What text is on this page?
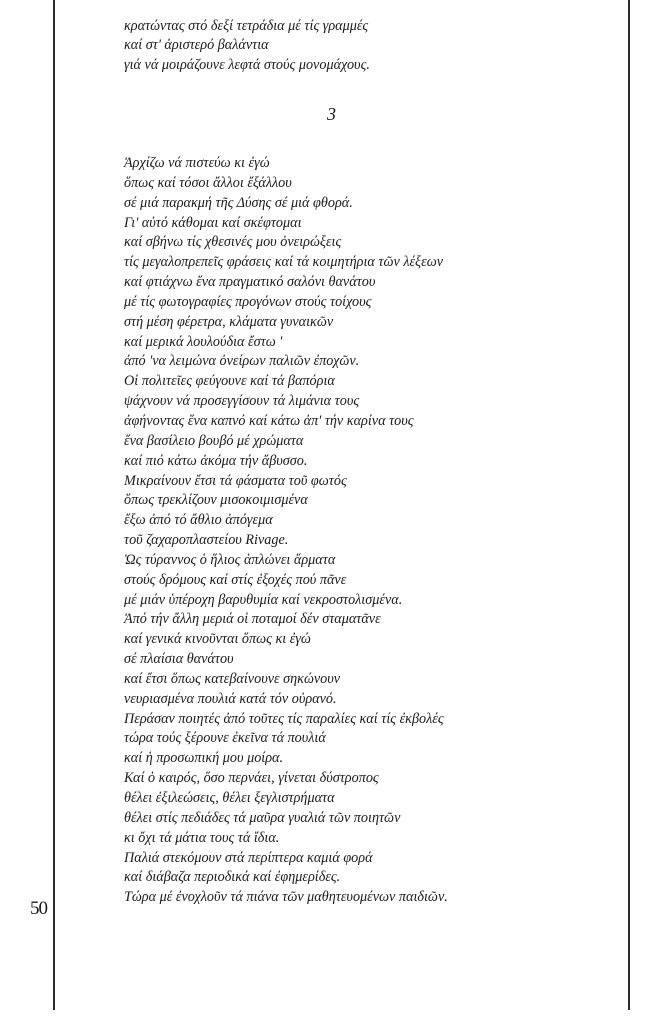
κρατώντας στό δεξί τετράδια μέ τίς γραμμές
καί στ' ἀριστερό βαλάντια
γιά νά μοιράζουνε λεφτά στούς μονομάχους.
3
Ἀρχίζω νά πιστεύω κι ἐγώ
ὅπως καί τόσοι ἄλλοι ἔξάλλου
σέ μιά παρακμή τῆς Δύσης σέ μιά φθορά.
Γι' αὐτό κάθομαι καί σκέφτομαι
καί σβήνω τίς χθεσινές μου ὀνειρώξεις
τίς μεγαλοπρεπεῖς φράσεις καί τά κοιμητήρια τῶν λέξεων
καί φτιάχνω ἕνα πραγματικό σαλόνι θανάτου
μέ τίς φωτογραφίες προγόνων στούς τοίχους
στή μέση φέρετρα, κλάματα γυναικῶν
καί μερικά λουλούδια ἔστω '
ἀπό 'να λειμώνα ὀνείρων παλιῶν ἐποχῶν.
Οἱ πολιτεῖες φεύγουνε καί τά βαπόρια
ψάχνουν νά προσεγγίσουν τά λιμάνια τους
ἀφήνοντας ἕνα καπνό καί κάτω ἀπ' τήν καρίνα τους
ἕνα βασίλειο βουβό μέ χρώματα
καί πιό κάτω ἀκόμα τήν ἄβυσσο.
Μικραίνουν ἔτσι τά φάσματα τοῦ φωτός
ὅπως τρεκλίζουν μισοκοιμισμένα
ἔξω ἀπό τό ἄθλιο ἀπόγεμα
τοῦ ζαχαροπλαστείου Rivage.
Ὡς τύραννος ὁ ἥλιος ἁπλώνει ἅρματα
στούς δρόμους καί στίς ἐξοχές πού πᾶνε
μέ μιάν ὑπέροχη βαρυθυμία καί νεκροστολισμένα.
Ἀπό τήν ἄλλη μεριά οἱ ποταμοί δέν σταματᾶνε
καί γενικά κινοῦνται ὅπως κι ἐγώ
σέ πλαίσια θανάτου
καί ἔτσι ὅπως κατεβαίνουνε σηκώνουν
νευριασμένα πουλιά κατά τόν οὐρανό.
Περάσαν ποιητές ἀπό τοῦτες τίς παραλίες καί τίς ἐκβολές
τώρα τούς ξέρουνε ἐκεῖνα τά πουλιά
καί ἡ προσωπική μου μοίρα.
Καί ὁ καιρός, ὅσο περνάει, γίνεται δύστροπος
θέλει ἐξιλεώσεις, θέλει ξεγλιστρήματα
θέλει στίς πεδιάδες τά μαῦρα γυαλιά τῶν ποιητῶν
κι ὄχι τά μάτια τους τά ἴδια.
Παλιά στεκόμουν στά περίπτερα καμιά φορά
καί διάβαζα περιοδικά καί ἐφημερίδες.
Τώρα μέ ἐνοχλοῦν τά πιάνα τῶν μαθητευομένων παιδιῶν.
50
